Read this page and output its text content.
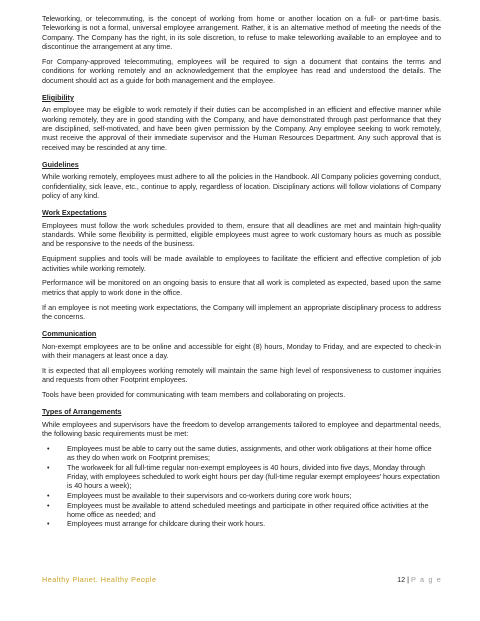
Teleworking, or telecommuting, is the concept of working from home or another location on a full- or part-time basis. Teleworking is not a formal, universal employee arrangement. Rather, it is an alternative method of meeting the needs of the Company. The Company has the right, in its sole discretion, to refuse to make teleworking available to an employee and to discontinue the arrangement at any time.

For Company-approved telecommuting, employees will be required to sign a document that contains the terms and conditions for working remotely and an acknowledgement that the employee has read and understood the details. The document should act as a guide for both management and the employee.

Eligibility

An employee may be eligible to work remotely if their duties can be accomplished in an efficient and effective manner while working remotely, they are in good standing with the Company, and have demonstrated through past performance that they are disciplined, self-motivated, and have been given permission by the Company. Any employee seeking to work remotely, must receive the approval of their immediate supervisor and the Human Resources Department. Any such approval that is received may be rescinded at any time.

Guidelines

While working remotely, employees must adhere to all the policies in the Handbook. All Company policies governing conduct, confidentiality, sick leave, etc., continue to apply, regardless of location. Disciplinary actions will follow violations of Company policy of any kind.

Work Expectations

Employees must follow the work schedules provided to them, ensure that all deadlines are met and maintain high-quality standards. While some flexibility is permitted, eligible employees must agree to work customary hours as much as possible and be responsive to the needs of the business.

Equipment supplies and tools will be made available to employees to facilitate the efficient and effective completion of job activities while working remotely.

Performance will be monitored on an ongoing basis to ensure that all work is completed as expected, based upon the same metrics that apply to work done in the office.

If an employee is not meeting work expectations, the Company will implement an appropriate disciplinary process to address the concerns.

Communication

Non-exempt employees are to be online and accessible for eight (8) hours, Monday to Friday, and are expected to check-in with their managers at least once a day.

It is expected that all employees working remotely will maintain the same high level of responsiveness to customer inquiries and requests from other Footprint employees.

Tools have been provided for communicating with team members and collaborating on projects.

Types of Arrangements

While employees and supervisors have the freedom to develop arrangements tailored to employee and departmental needs, the following basic requirements must be met:

• Employees must be able to carry out the same duties, assignments, and other work obligations at their home office as they do when work on Footprint premises;
• The workweek for all full-time regular non-exempt employees is 40 hours, divided into five days, Monday through Friday, with employees scheduled to work eight hours per day (full-time regular exempt employees' hours expectation is 40 hours a week);
• Employees must be available to their supervisors and co-workers during core work hours;
• Employees must be available to attend scheduled meetings and participate in other required office activities at the home office as needed; and
• Employees must arrange for childcare during their work hours.
Healthy Planet. Healthy People	12 | P a g e
